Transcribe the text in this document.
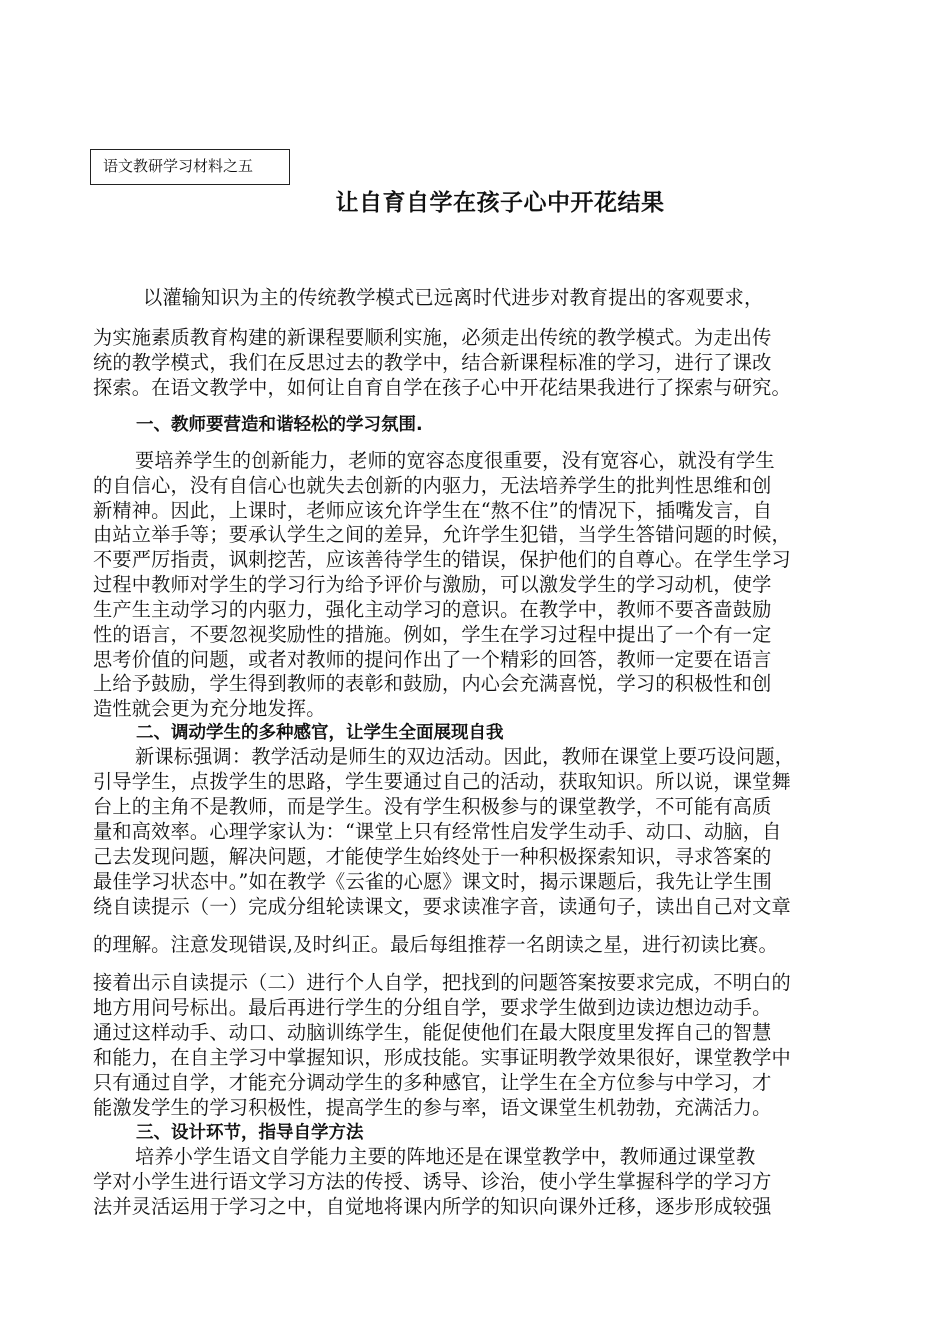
语文教研学习材料之五
让自育自学在孩子心中开花结果
以灌输知识为主的传统教学模式已远离时代进步对教育提出的客观要求，
为实施素质教育构建的新课程要顺利实施，必须走出传统的教学模式。为走出传
统的教学模式，我们在反思过去的教学中，结合新课程标准的学习，进行了课改
探索。在语文教学中，如何让自育自学在孩子心中开花结果我进行了探索与研究。
一、教师要营造和谐轻松的学习氛围.
要培养学生的创新能力，老师的宽容态度很重要，没有宽容心，就没有学生
的自信心，没有自信心也就失去创新的内驱力，无法培养学生的批判性思维和创
新精神。因此，上课时，老师应该允许学生在“熬不住”的情况下，插嘴发言，自
由站立举手等；要承认学生之间的差异，允许学生犯错，当学生答错问题的时候，
不要严厉指责，讽刺挖苦，应该善待学生的错误，保护他们的自尊心。在学生学习
过程中教师对学生的学习行为给予评价与激励，可以激发学生的学习动机，使学
生产生主动学习的内驱力，强化主动学习的意识。在教学中，教师不要吝啬鼓励
性的语言，不要忽视奖励性的措施。例如，学生在学习过程中提出了一个有一定
思考价值的问题，或者对教师的提问作出了一个精彩的回答，教师一定要在语言
上给予鼓励，学生得到教师的表彰和鼓励，内心会充满喜悦，学习的积极性和创
造性就会更为充分地发挥。
二、调动学生的多种感官，让学生全面展现自我
新课标强调：教学活动是师生的双边活动。因此，教师在课堂上要巧设问题，
引导学生，点拨学生的思路，学生要通过自己的活动，获取知识。所以说，课堂舞
台上的主角不是教师，而是学生。没有学生积极参与的课堂教学，不可能有高质
量和高效率。心理学家认为：“课堂上只有经常性启发学生动手、动口、动脑，自
己去发现问题，解决问题，才能使学生始终处于一种积极探索知识，寻求答案的
最佳学习状态中。”如在教学《云雀的心愿》课文时，揭示课题后，我先让学生围
绕自读提示（一）完成分组轮读课文，要求读准字音，读通句子，读出自己对文章
的理解。注意发现错误,及时纠正。最后每组推荐一名朗读之星，进行初读比赛。
接着出示自读提示（二）进行个人自学，把找到的问题答案按要求完成，不明白的
地方用问号标出。最后再进行学生的分组自学，要求学生做到边读边想边动手。
通过这样动手、动口、动脑训练学生，能促使他们在最大限度里发挥自己的智慧
和能力，在自主学习中掌握知识，形成技能。实事证明教学效果很好，课堂教学中
只有通过自学，才能充分调动学生的多种感官，让学生在全方位参与中学习，才
能激发学生的学习积极性，提高学生的参与率，语文课堂生机勃勃，充满活力。
三、设计环节，指导自学方法
培养小学生语文自学能力主要的阵地还是在课堂教学中，教师通过课堂教
学对小学生进行语文学习方法的传授、诱导、诊治，使小学生掌握科学的学习方
法并灵活运用于学习之中，自觉地将课内所学的知识向课外迁移，逐步形成较强
